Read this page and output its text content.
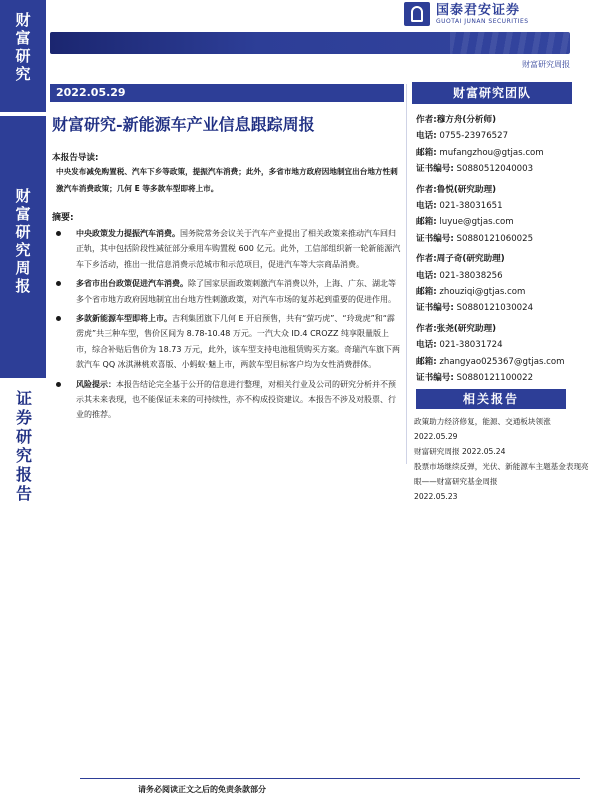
财富研究
财富研究周报
证券研究报告
国泰君安证券
GUOTAI JUNAN SECURITIES
财富研究周报
2022.05.29
财富研究-新能源车产业信息跟踪周报
本报告导读:
中央发布减免购置税、汽车下乡等政策，提振汽车消费；此外，多省市地方政府因地制宜出台地方性刺激汽车消费政策；几何 E 等多款车型即将上市。
摘要:
中央政策发力提振汽车消费。国务院常务会议关于汽车产业提出了相关政策来推动汽车回归正轨，其中包括阶段性减征部分乘用车购置税 600 亿元。此外，工信部组织新一轮新能源汽车下乡活动，推出一批信息消费示范城市和示范项目，促进汽车等大宗商品消费。
多省市出台政策促进汽车消费。除了国家层面政策刺激汽车消费以外，上海、广东、湖北等多个省市地方政府因地制宜出台地方性刺激政策，对汽车市场的复苏起到重要的促进作用。
多款新能源车型即将上市。吉利集团旗下几何 E 开启预售，共有“萤巧虎”、“玲珑虎”和“霹雳虎”共三种车型，售价区间为 8.78-10.48 万元。一汽大众 ID.4 CROZZ 纯享限量版上市，综合补贴后售价为 18.73 万元，此外，该车型支持电池租赁购买方案。奇瑞汽车旗下两款汽车 QQ 冰淇淋桃欢喜版、小蚂蚁·魅上市，两款车型目标客户均为女性消费群体。
风险提示：本报告结论完全基于公开的信息进行整理，对相关行业及公司的研究分析并不预示其未来表现，也不能保证未来的可持续性，亦不构成投资建议。本报告不涉及对股票、行业的推荐。
财富研究团队
作者:穆方舟(分析师)
电话: 0755-23976527
邮箱: mufangzhou@gtjas.com
证书编号: S0880512040003
作者:鲁悦(研究助理)
电话: 021-38031651
邮箱: luyue@gtjas.com
证书编号: S0880121060025
作者:周子奇(研究助理)
电话: 021-38038256
邮箱: zhouziqi@gtjas.com
证书编号: S0880121030024
作者:张尧(研究助理)
电话: 021-38031724
邮箱: zhangyao025367@gtjas.com
证书编号: S0880121100022
相关报告
政策助力经济修复，能源、交通板块领涨
2022.05.29
财富研究周报 2022.05.24
股票市场继续反弹，光伏、新能源车主题基金表现亮眼——财富研究基金周报
2022.05.23
请务必阅读正文之后的免责条款部分
